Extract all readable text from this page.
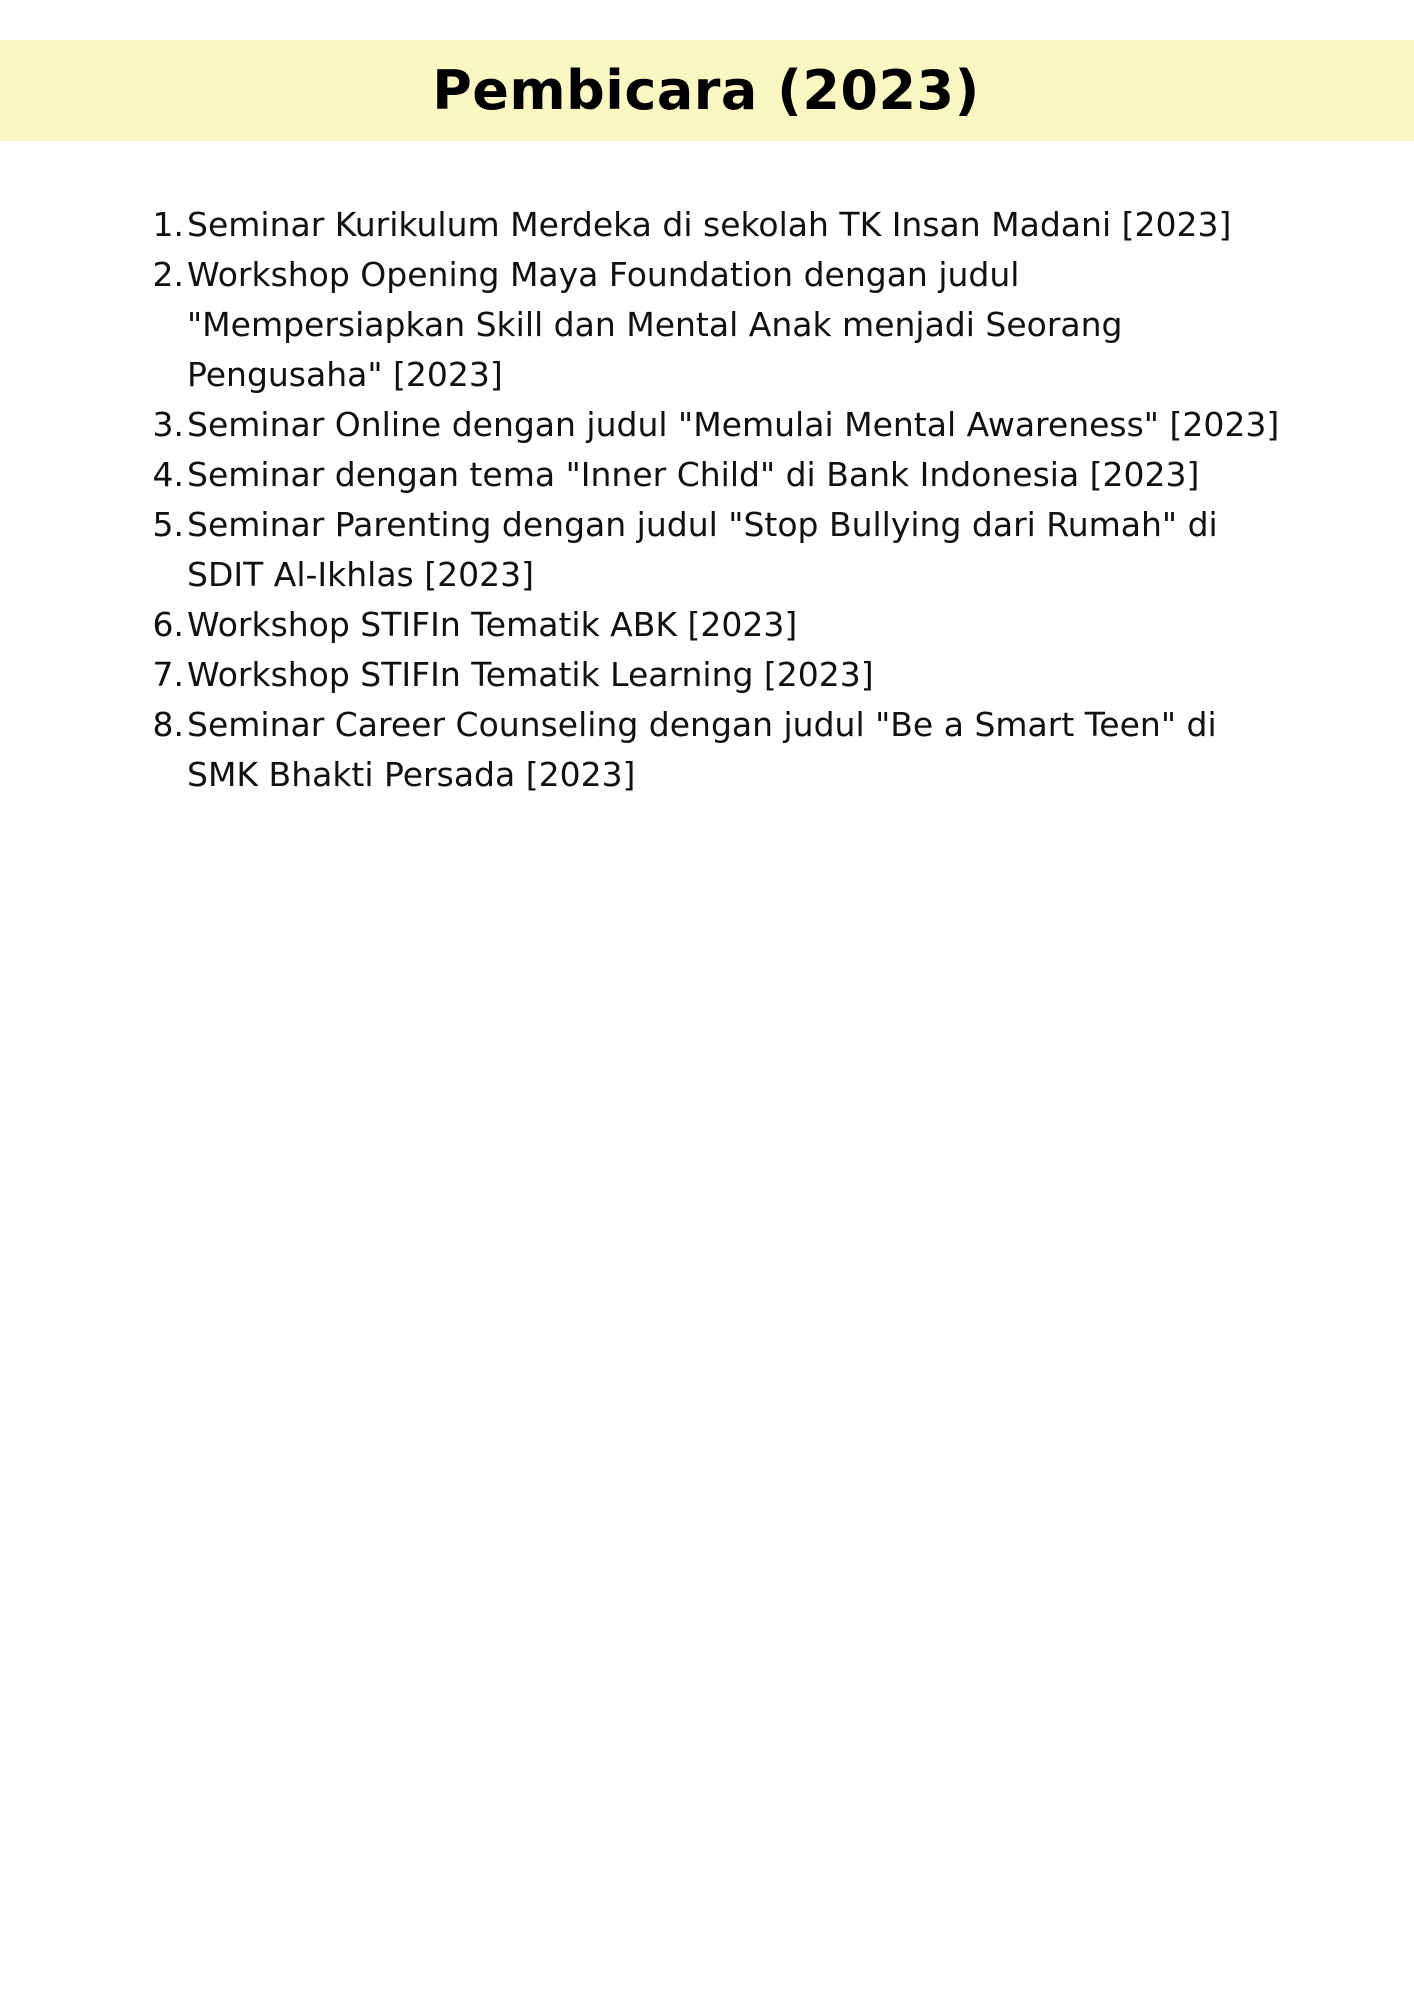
Pembicara (2023)
1. Seminar Kurikulum Merdeka di sekolah TK Insan Madani [2023]
2. Workshop Opening Maya Foundation dengan judul "Mempersiapkan Skill dan Mental Anak menjadi Seorang Pengusaha" [2023]
3. Seminar Online dengan judul "Memulai Mental Awareness" [2023]
4. Seminar dengan tema "Inner Child" di Bank Indonesia [2023]
5. Seminar Parenting dengan judul "Stop Bullying dari Rumah" di SDIT Al-Ikhlas [2023]
6. Workshop STIFIn Tematik ABK [2023]
7. Workshop STIFIn Tematik Learning [2023]
8. Seminar Career Counseling dengan judul "Be a Smart Teen" di SMK Bhakti Persada [2023]
